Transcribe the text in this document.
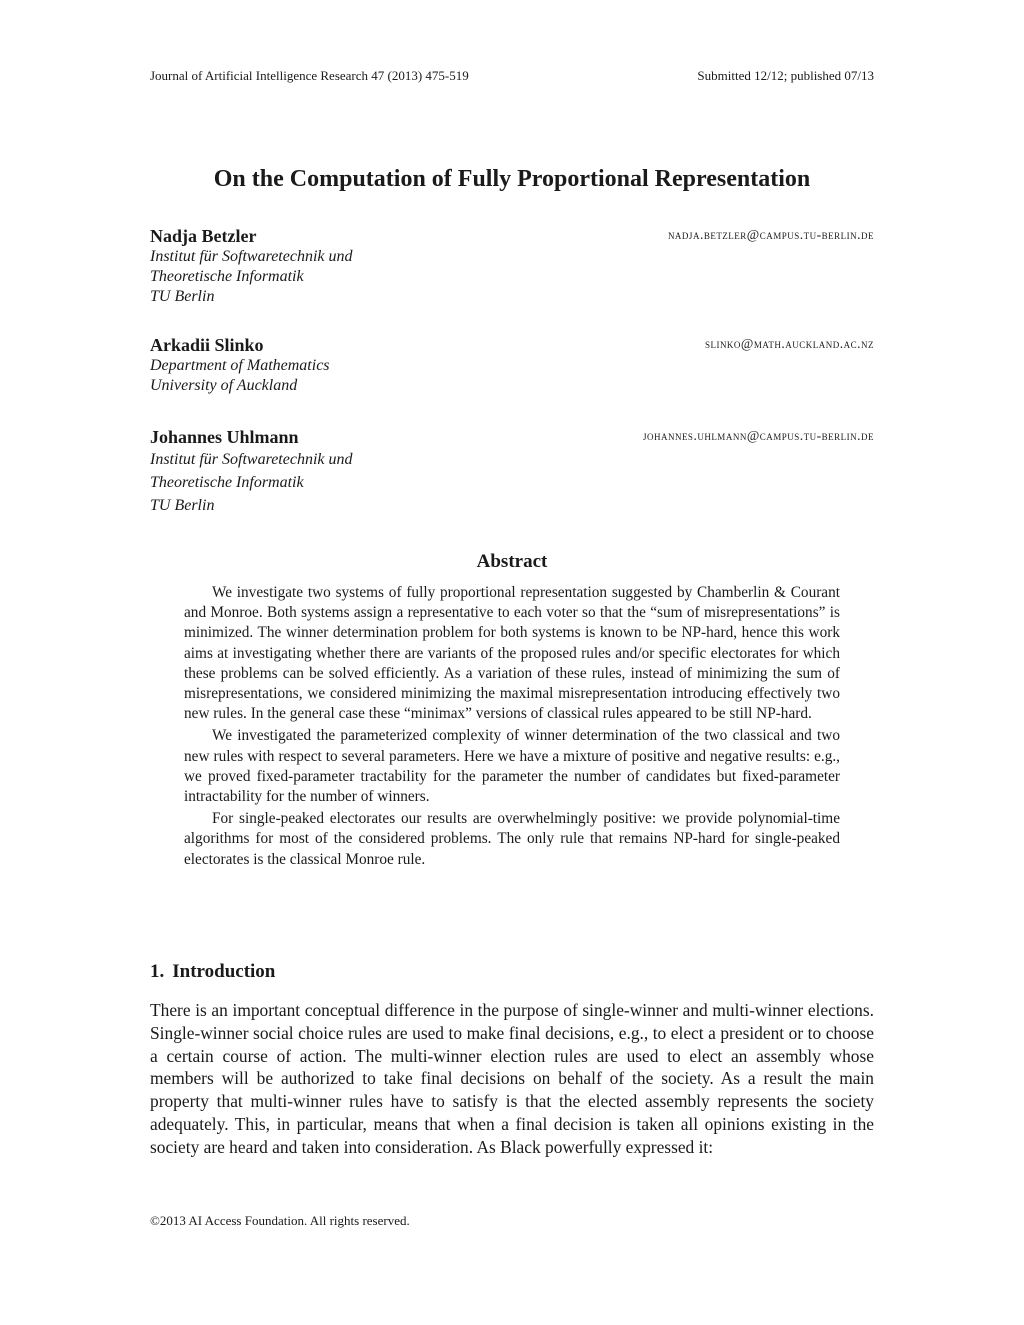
Journal of Artificial Intelligence Research 47 (2013) 475-519	Submitted 12/12; published 07/13
On the Computation of Fully Proportional Representation
Nadja Betzler	nadja.betzler@campus.tu-berlin.de
Institut für Softwaretechnik und
Theoretische Informatik
TU Berlin
Arkadii Slinko	slinko@math.auckland.ac.nz
Department of Mathematics
University of Auckland
Johannes Uhlmann	johannes.uhlmann@campus.tu-berlin.de
Institut für Softwaretechnik und
Theoretische Informatik
TU Berlin
Abstract

We investigate two systems of fully proportional representation suggested by Chamberlin & Courant and Monroe. Both systems assign a representative to each voter so that the “sum of misrepresentations” is minimized. The winner determination problem for both systems is known to be NP-hard, hence this work aims at investigating whether there are variants of the proposed rules and/or specific electorates for which these problems can be solved efficiently. As a variation of these rules, instead of minimizing the sum of misrepresentations, we considered minimizing the maximal misrepresentation introducing effectively two new rules. In the general case these “minimax” versions of classical rules appeared to be still NP-hard.

We investigated the parameterized complexity of winner determination of the two classical and two new rules with respect to several parameters. Here we have a mixture of positive and negative results: e.g., we proved fixed-parameter tractability for the parameter the number of candidates but fixed-parameter intractability for the number of winners.

For single-peaked electorates our results are overwhelmingly positive: we provide polynomial-time algorithms for most of the considered problems. The only rule that remains NP-hard for single-peaked electorates is the classical Monroe rule.

1. Introduction

There is an important conceptual difference in the purpose of single-winner and multi-winner elections. Single-winner social choice rules are used to make final decisions, e.g., to elect a president or to choose a certain course of action. The multi-winner election rules are used to elect an assembly whose members will be authorized to take final decisions on behalf of the society. As a result the main property that multi-winner rules have to satisfy is that the elected assembly represents the society adequately. This, in particular, means that when a final decision is taken all opinions existing in the society are heard and taken into consideration. As Black powerfully expressed it:

©2013 AI Access Foundation. All rights reserved.
